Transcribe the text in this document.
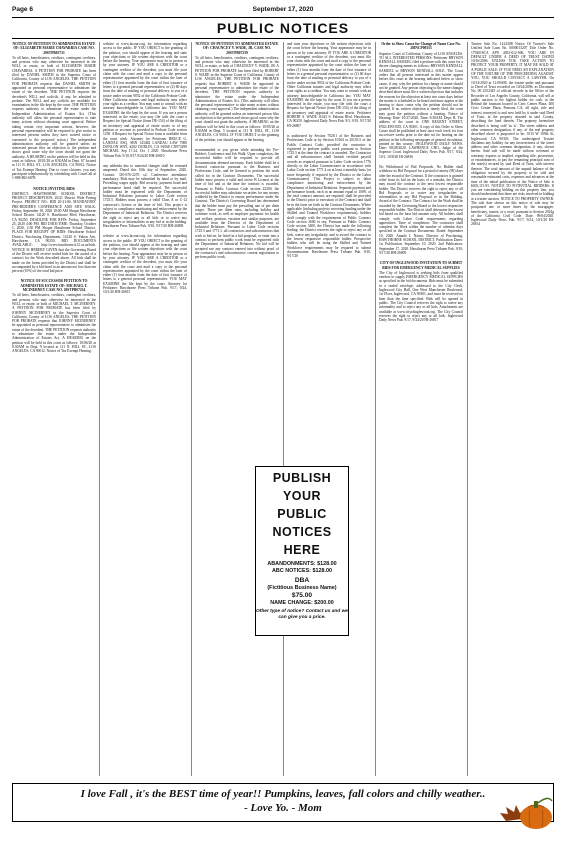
Page 6	September 17, 2020
PUBLIC NOTICES
NOTICE OF PETITION TO ADMINISTER ESTATE OF: ELIZABETH MARIE CHAVARRIA CASE NO. 20STPB05731

To all heirs, beneficiaries, creditors, contingent creditors, and persons who may otherwise be interested in the WILL or estate, or both of ELIZABETH MARIE CHAVARRIA. A PETITION FOR PROBATE has been filed by DANIEL SMITH in the Superior Court of California, County of LOS ANGELES. THE PETITION FOR PROBATE requests that DANIEL SMITH be appointed as personal representative to administer the estate of the decedent. THE PETITION requests the decedent's WILL and codicils, if any, be admitted to probate. The WILL and any codicils are available for examination in the file kept by the court. THE PETITION requests authority to administer the estate under the Independent Administration of Estates Act. (This authority will allow the personal representative to take many actions without obtaining court approval. Before taking certain very important actions, however, the personal representative will be required to give notice to interested persons unless they have waived notice or consented to the proposed action.) The independent administration authority will be granted unless an interested person files an objection to the petition and shows good cause why the court should not grant the authority. A HEARING on the petition will be held in this court as follows: 10/01/20 at 8:30AM in Dept. 67 located at 111 N. HILL ST., LOS ANGELES, CA 90012. Notice of Tax Exempt Hearing. Due to court closures, you may participate telephonically by scheduling with CourtCall at 1-888-882-6878.

NOTICE INVITING BIDS

DISTRICT: HAWTHORNE SCHOOL DISTRICT PROJECT DESCRIPTION: 20/21 District Wide Paving Project. PROJECT NO.: BID 20-21-06. MANDATORY PRE-BIDDER'S CONFERENCE AND SITE WALK: Friday, September 18, 2020 10:00 AM Shopat Hawthorne School District 14120 S. Hawthorne Blvd. Hawthorne, CA 90250. DEADLINE FOR RFI'S: Friday, September 25, 2020 4:00 PM. BID DATE/TIME: Thursday, October 1, 2020, 2:30 PM Shopat Hawthorne School District. PLACE FOR RECEIPT OF BIDS: Hawthorne School District, Purchasing Department, 14120 S. Yukon Ave, Hawthorne, CA 90250. BID DOCUMENTS AVAILABLE: http://www.hawthorne.k12.ca.us/bids. NOTICE IS HEREBY GIVEN that the Governing Board of the District will receive sealed bids for the award of a contract for the Work described above. All bids shall be made on the forms provided by the District and shall be accompanied by a bid bond in an amount not less than ten percent (10%) of the total bid price.

NOTICE OF SUCCESSOR PETITION TO ADMINISTER ESTATE OF: MICHAEL T. MCINERNEY CASE NO. 20STPB07234

To all heirs, beneficiaries, creditors, contingent creditors, and persons who may otherwise be interested in the WILL or estate, or both of MICHAEL T. MCINERNEY. A PETITION FOR PROBATE has been filed by JOHNNY MCINERNEY in the Superior Court of California, County of LOS ANGELES. THE PETITION FOR PROBATE requests that JOHNNY MCINERNEY be appointed as personal representative to administer the estate of the decedent. THE PETITION requests authority to administer the estate under the Independent Administration of Estates Act. A HEARING on the petition will be held in this court as follows: 10/06/20 at 8:30AM in Dept. 9 located at 111 N. HILL ST., LOS ANGELES, CA 90012. Notice of Tax Exempt Hearing.

website at www.lacourt.org for information regarding access to the public. IF YOU OBJECT to the granting of the petition, you should appear at the hearing and state your objections or file written objections with the court before the hearing. Your appearance may be in person or by your attorney. IF YOU ARE A CREDITOR or a contingent creditor of the decedent, you must file your claim with the court and mail a copy to the personal representative appointed by the court within the later of either (1) four months from the date of first issuance of letters to a general personal representative, or (2) 60 days from the date of mailing or personal delivery to you of a notice under section 9052 of the California Probate Code. Other California statutes and legal authority may affect your rights as a creditor. You may want to consult with an attorney knowledgeable in California law. YOU MAY EXAMINE the file kept by the court. If you are a person interested in the estate, you may file with the court a Request for Special Notice (form DE-154) of the filing of an inventory and appraisal of estate assets or of any petition or account as provided in Probate Code section 1250. A Request for Special Notice form is available from the court clerk. Attorney for Petitioner BRUCE G. LANDAU ESQ. SBN 143482 LANDAU LAW 7080 DONLON WAY, #202 DUBLIN, CA 94568 CN973290 MICHAEL Sep 17,24, Oct 1 2020. Hawthorne Press Tribune Pub. 9/10,9/17,9/24/20 HH-26810

any addenda due to material changes shall be returned unopened. Dated this 10th day of September, 2020. Contact: 310-676-2276 x2. Conference attendance mandatory. Bids may be submitted by hand or by mail. Prevailing wages apply. Bid security, payment bond and performance bond shall be required. The successful bidder must be registered with the Department of Industrial Relations pursuant to Labor Code section 1725.5. Bidders must possess a valid Class A or C-12 contractor's license at the time of bid. This project is subject to compliance monitoring and enforcement by the Department of Industrial Relations. The District reserves the right to reject any or all bids or to waive any irregularities or informalities in any bid or in the bidding. Hawthorne Press Tribune Pub. 9/10, 9/17/20 HH-26808

website at www.lacourt.org for information regarding access to the public. IF YOU OBJECT to the granting of the petition, you should appear at the hearing and state your objections or file written objections with the court before the hearing. Your appearance may be in person or by your attorney. IF YOU ARE A CREDITOR or a contingent creditor of the decedent, you must file your claim with the court and mail a copy to the personal representative appointed by the court within the later of either (1) four months from the date of first issuance of letters to a general personal representative. YOU MAY EXAMINE the file kept by the court. Attorney for Petitioner. Hawthorne Press Tribune Pub. 9/17, 9/24, 10/1/20 HH-26815

NOTICE OF PETITION TO ADMINISTER ESTATE OF: CHAUNCEY V. WADE, JR. CASE NO. 20STPB07239

To all heirs, beneficiaries, creditors, contingent creditors, and persons who may otherwise be interested in the WILL or estate, or both of CHAUNCEY V. WADE, JR. A PETITION FOR PROBATE has been filed by ROBERT S. WADE in the Superior Court of California, County of LOS ANGELES. THE PETITION FOR PROBATE requests that ROBERT S. WADE be appointed as personal representative to administer the estate of the decedent. THE PETITION requests authority to administer the estate under the Independent Administration of Estates Act. (This authority will allow the personal representative to take many actions without obtaining court approval.) The independent administration authority will be granted unless an interested person files an objection to the petition and shows good cause why the court should not grant the authority. A HEARING on the petition will be held in this court as follows: 10/05/20 at 8:30AM in Dept. 5 located at 111 N. HILL ST., LOS ANGELES, CA 90012. IF YOU OBJECT to the granting of the petition, you should appear at the hearing

recommended to you given while attending the Pre-Bidder's Conference and Job Walk. Upon completion, the successful bidder will be required to provide all documentation deemed necessary. Each bidder shall be a licensed contractor pursuant to the Business and Professions Code, and be licensed to perform the work called for in the Contract Documents. The successful bidder must possess a valid and active B License at the time of bid and at the time the contract is awarded. Pursuant to Public Contract Code section 22300, the successful bidder may substitute securities for any money withheld by the District to ensure performance under the Contract. The District's Governing Board has determined that the bidder must pay the prevailing rate of per diem wages. These per diem rates, including holiday and overtime work, as well as employer payments for health and welfare, pension, vacation and similar purposes, are available from the Director of the Department of Industrial Relations. Pursuant to Labor Code sections 1725.5 and 1771.1, all contractors and subcontractors that wish to bid on, be listed in a bid proposal, or enter into a contract to perform public work must be registered with the Department of Industrial Relations. No bid will be accepted nor any contract entered into without proof of the contractor's and subcontractors' current registration to perform public work.

and state your objections or file written objections with the court before the hearing. Your appearance may be in person or by your attorney. IF YOU ARE A CREDITOR or a contingent creditor of the decedent, you must file your claim with the court and mail a copy to the personal representative appointed by the court within the later of either (1) four months from the date of first issuance of letters to a general personal representative, or (2) 60 days from the date of mailing or personal delivery to you of a notice under section 9052 of the California Probate Code. Other California statutes and legal authority may affect your rights as a creditor. You may want to consult with an attorney knowledgeable in California law. YOU MAY EXAMINE the file kept by the court. If you are a person interested in the estate, you may file with the court a Request for Special Notice (form DE-154) of the filing of an inventory and appraisal of estate assets. Petitioner ROBERT S. WADE 11623 S. Paloma Blvd. Hawthorne, CA 90250. Inglewood Daily News Pub. 9/3, 9/10, 9/17/20 HI-26807

is authorized by Section 7028.1 of the Business and Professions Code or by Section 10164 or 20103.5 of the Public Contract Code, provided the contractor is registered to perform public work pursuant to Section 1725.5 at the time the contract is awarded. The Contractor and all subcontractors shall furnish certified payroll records as required pursuant to Labor Code section 1776 directly to the Labor Commissioner in accordance with Labor Code section 1771.4 on at least a monthly basis (or more frequently if required by the District or the Labor Commissioner). This Project is subject to labor compliance monitoring and enforcement by the Department of Industrial Relations. Separate payment and performance bonds, each in an amount equal to 100% of the total contract amount, are required, shall be provided to the District prior to execution of the Contract and shall be in the form set forth in the Contract Documents. Where applicable (including projects receiving funding under the Skilled and Trained Workforce requirements), bidders shall comply with the requirements of Public Contract Code section 2600 et seq. Pursuant to Public Contract Code section 3400, the District has made the following finding: the District reserves the right to reject any or all bids, waive any irregularity, and to award the contract to the lowest responsive responsible bidder. Prospective bidders who will be using the Skilled and Trained Workforce requirements may be required to submit documentation. Hawthorne Press Tribune Pub. 9/10, 9/17/20

Order to Show Cause for Change of Name Case No. 20INCP00353

Superior Court of California, County of LOS ANGELES. TO ALL INTERESTED PERSONS: Petitioner BRYSON KENDALL SAMUEL filed a petition with this court for a decree changing names as follows: BRYSON KENDALL SAMUEL to BRYSON KENDALL SOLE. The Court orders that all persons interested in this matter appear before this court at the hearing indicated below to show cause, if any, why the petition for change of name should not be granted. Any person objecting to the name changes described above must file a written objection that includes the reasons for the objection at least two court days before the matter is scheduled to be heard and must appear at the hearing to show cause why the petition should not be granted. If no written objection is timely filed, the court may grant the petition without a hearing. Notice of Hearing: Date: 10/27/2020, Time: 8:30AM, Dept: B. The address of the court is: ONE REGENT STREET, INGLEWOOD, CA 90301. A copy of this Order to Show Cause shall be published at least once each week for four successive weeks prior to the date set for hearing on the petition in the following newspaper of general circulation, printed in this county: INGLEWOOD DAILY NEWS. Date: 08/28/2020. LAWRENCE CHO, Judge of the Superior Court. Inglewood Daily News Pub. 9/17, 9/24, 10/1, 10/8/20 HI-26816

No Withdrawal of Bid Proposals. No Bidder shall withdraw its Bid Proposal for a period of ninety (90) days after the award of the Contract. If the contractor is granted relief from its bid on the basis of a mistake, the District may award the contract to the next lowest responsible bidder. The District reserves the right to reject any or all Bid Proposals or to waive any irregularities or informalities in any Bid Proposal or in the Bidding. Award of the Contract: The Contract for the Work shall be awarded by the Governing Board to the lowest responsive responsible bidder. The District shall determine the lowest bid based on the base bid amount only. All bidders shall comply with Labor Code requirements regarding apprentices. Time of completion: The contractor shall complete the Work within the number of calendar days specified in the Contract Documents. Dated: September 10, 2020. Amado I. Naiser, Director of Purchasing, HAWTHORNE SCHOOL DISTRICT. Publication Dates: 1st Publication: September 10, 2020. 2nd Publication: September 17, 2020. Hawthorne Press Tribune Pub. 9/10, 9/17/20 HH-26809

CITY OF INGLEWOOD INVITATION TO SUBMIT BIDS FOR EMERGENCY MEDICAL SUPPLIES

The City of Inglewood is seeking bids from qualified vendors to supply EMERGENCY MEDICAL SUPPLIES as specified in the bid documents. Bids must be submitted in a sealed envelope, addressed to the City Clerk, Inglewood City Hall, One West Manchester Boulevard, 1st Floor, Inglewood, CA 90301, and must be received no later than the time specified. Bids will be opened in public. The City Council reserves the right to waive any informality and to reject any or all bids. Attachments are available at www.cityofinglewood.org. The City Council reserves the right to reject any or all bids. Inglewood Daily News Pub. 9/17, 9/24/20 HI-26817

Trustee Sale No. 141434R Notice Of Trustee's Sale Unified Sale Loan No. 0000013207 Title Order No. 1794018CA APN 4052-012-006. YOU ARE IN DEFAULT UNDER A DEED OF TRUST DATED 10/16/2006. UNLESS YOU TAKE ACTION TO PROTECT YOUR PROPERTY, IT MAY BE SOLD AT A PUBLIC SALE. IF YOU NEED AN EXPLANATION OF THE NATURE OF THE PROCEEDING AGAINST YOU, YOU SHOULD CONTACT A LAWYER. On 10/14/2020 at 11:00AM, the trustee under and pursuant to Deed of Trust recorded on 10/24/2006, as Document No. 06 2352345 of official records in the Office of the Recorder of Los Angeles County, California, will sell at public auction to the highest bidder for cash, at the Behind the fountain located in Civic Center Plaza, 400 Civic Center Plaza, Pomona CA, all right, title and interest conveyed to and now held by it under said Deed of Trust, in the property situated in said County, describing the land therein. The property heretofore described is being sold 'as is'. The street address and other common designation, if any, of the real property described above is purported to be: 3515 W 109th St, Inglewood, CA 90303. The undersigned Trustee disclaims any liability for any incorrectness of the street address and other common designation, if any, shown herein. Said sale will be made without covenant or warranty, express or implied, regarding title, possession, or encumbrances, to pay the remaining principal sum of the note(s) secured by said Deed of Trust, with interest thereon. The total amount of the unpaid balance of the obligation secured by the property to be sold and reasonable estimated costs, expenses and advances at the time of the initial publication of the Notice of Sale is $403,115.93. NOTICE TO POTENTIAL BIDDERS: If you are considering bidding on this property lien, you should understand that there are risks involved in bidding at a trustee auction. NOTICE TO PROPERTY OWNER: The sale date shown on this notice of sale may be postponed one or more times by the mortgagee, beneficiary, trustee, or a court, pursuant to Section 2924g of the California Civil Code. Date: 09/04/2020. Inglewood Daily News Pub. 9/17, 9/24, 10/1/20 HI-26814

PUBLISH
YOUR
PUBLIC
NOTICES
HERE
ABANDONMENTS: $128.00
ABC NOTICES: $128.00
DBA
(Fictitious Business Name)
$75.00
NAME CHANGE: $200.00
Other type of notice? Contact us and we can give you a price.
I love Fall , it's the BEST time of year!! Pumpkins, leaves, fall colors and chilly weather..
- Love Yo. - Mom
